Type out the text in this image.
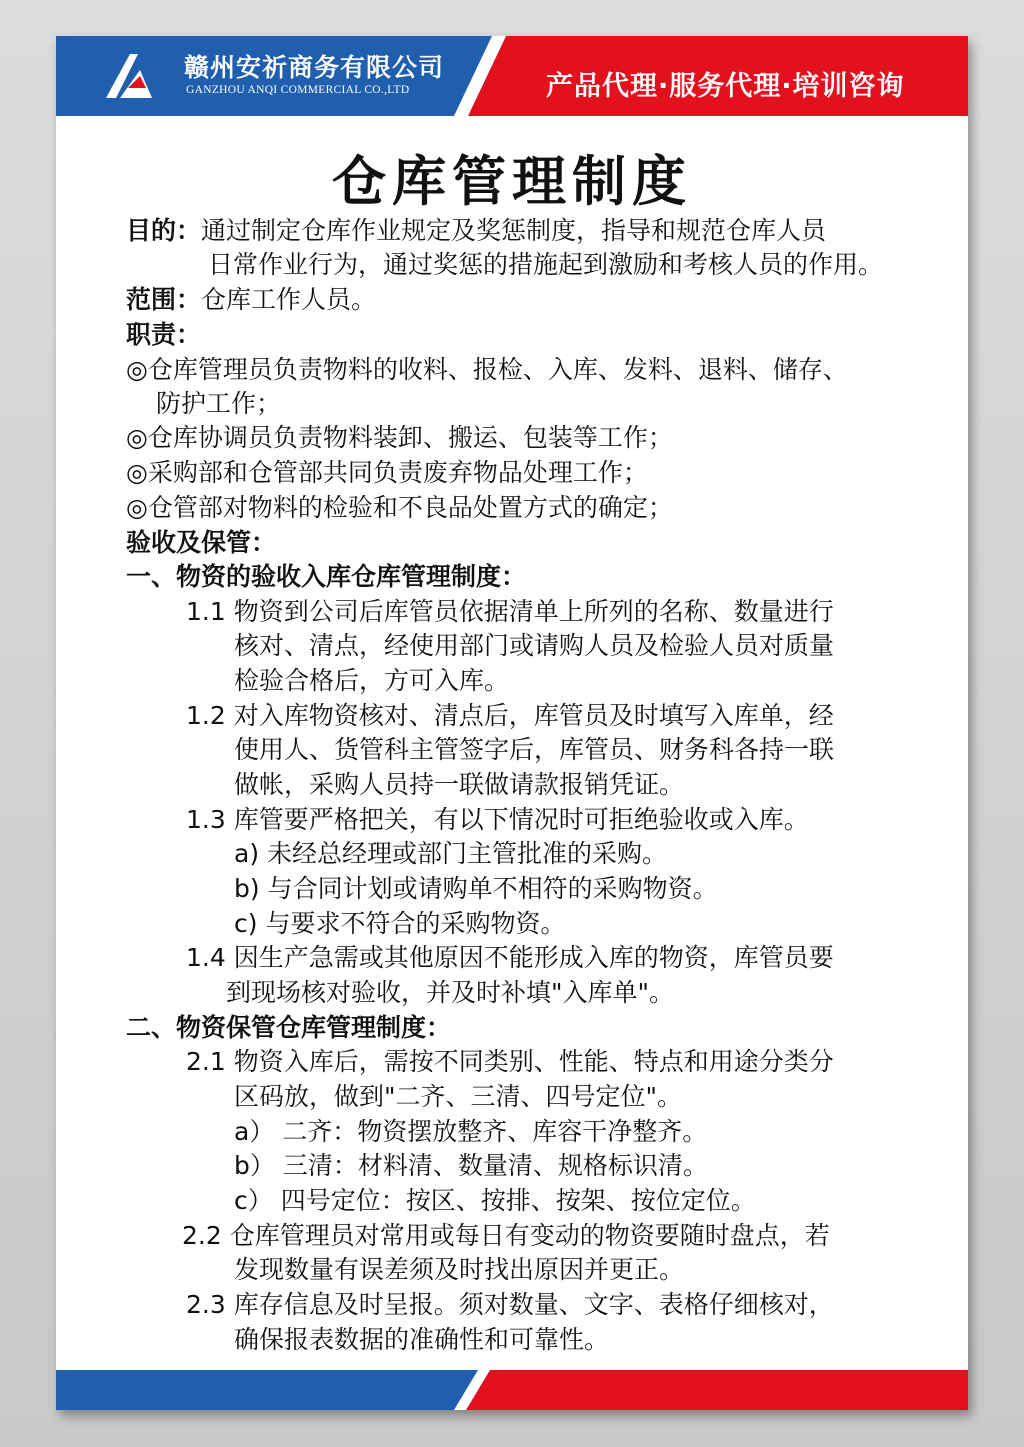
赣州安祈商务有限公司
GANZHOU ANQI COMMERCIAL CO.,LTD	产品代理·服务代理·培训咨询
仓库管理制度
目的：通过制定仓库作业规定及奖惩制度，指导和规范仓库人员
日常作业行为，通过奖惩的措施起到激励和考核人员的作用。
范围：仓库工作人员。
职责：
◎仓库管理员负责物料的收料、报检、入库、发料、退料、储存、
防护工作；
◎仓库协调员负责物料装卸、搬运、包装等工作；
◎采购部和仓管部共同负责废弃物品处理工作；
◎仓管部对物料的检验和不良品处置方式的确定；
验收及保管：
一、物资的验收入库仓库管理制度：
1.1 物资到公司后库管员依据清单上所列的名称、数量进行
核对、清点，经使用部门或请购人员及检验人员对质量
检验合格后，方可入库。
1.2 对入库物资核对、清点后，库管员及时填写入库单，经
使用人、货管科主管签字后，库管员、财务科各持一联
做帐，采购人员持一联做请款报销凭证。
1.3 库管要严格把关，有以下情况时可拒绝验收或入库。
a) 未经总经理或部门主管批准的采购。
b) 与合同计划或请购单不相符的采购物资。
c) 与要求不符合的采购物资。
1.4 因生产急需或其他原因不能形成入库的物资，库管员要
到现场核对验收，并及时补填"入库单"。
二、物资保管仓库管理制度：
2.1 物资入库后，需按不同类别、性能、特点和用途分类分
区码放，做到"二齐、三清、四号定位"。
a） 二齐：物资摆放整齐、库容干净整齐。
b） 三清：材料清、数量清、规格标识清。
c） 四号定位：按区、按排、按架、按位定位。
2.2 仓库管理员对常用或每日有变动的物资要随时盘点，若
发现数量有误差须及时找出原因并更正。
2.3 库存信息及时呈报。须对数量、文字、表格仔细核对，
确保报表数据的准确性和可靠性。
